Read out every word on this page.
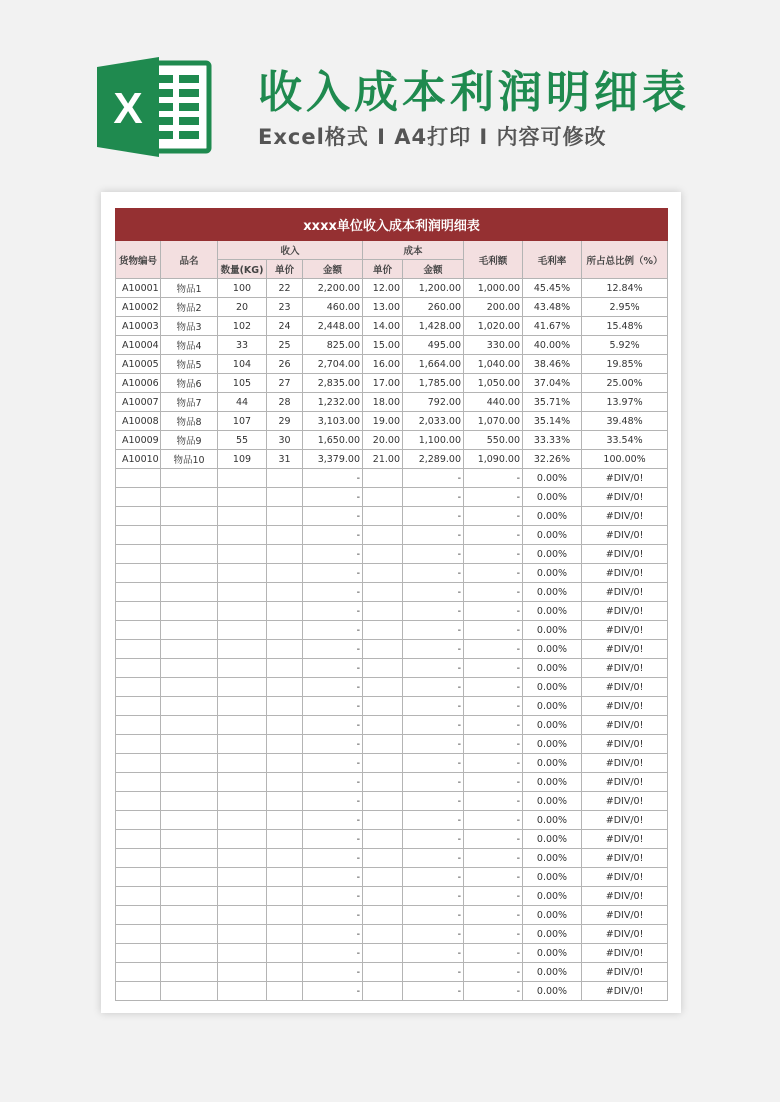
X	收入成本利润明细表
Excel格式 I A4打印 I 内容可修改
xxxx单位收入成本利润明细表									
货物编号	品名	收入			成本		毛利额	毛利率	所占总比例（%）
		数量(KG)	单价	金额	单价	金额			
A10001	物品1	100	22	2,200.00	12.00	1,200.00	1,000.00	45.45%	12.84%
A10002	物品2	20	23	460.00	13.00	260.00	200.00	43.48%	2.95%
A10003	物品3	102	24	2,448.00	14.00	1,428.00	1,020.00	41.67%	15.48%
A10004	物品4	33	25	825.00	15.00	495.00	330.00	40.00%	5.92%
A10005	物品5	104	26	2,704.00	16.00	1,664.00	1,040.00	38.46%	19.85%
A10006	物品6	105	27	2,835.00	17.00	1,785.00	1,050.00	37.04%	25.00%
A10007	物品7	44	28	1,232.00	18.00	792.00	440.00	35.71%	13.97%
A10008	物品8	107	29	3,103.00	19.00	2,033.00	1,070.00	35.14%	39.48%
A10009	物品9	55	30	1,650.00	20.00	1,100.00	550.00	33.33%	33.54%
A10010	物品10	109	31	3,379.00	21.00	2,289.00	1,090.00	32.26%	100.00%
				-		-	-	0.00%	#DIV/0!
				-		-	-	0.00%	#DIV/0!
				-		-	-	0.00%	#DIV/0!
				-		-	-	0.00%	#DIV/0!
				-		-	-	0.00%	#DIV/0!
				-		-	-	0.00%	#DIV/0!
				-		-	-	0.00%	#DIV/0!
				-		-	-	0.00%	#DIV/0!
				-		-	-	0.00%	#DIV/0!
				-		-	-	0.00%	#DIV/0!
				-		-	-	0.00%	#DIV/0!
				-		-	-	0.00%	#DIV/0!
				-		-	-	0.00%	#DIV/0!
				-		-	-	0.00%	#DIV/0!
				-		-	-	0.00%	#DIV/0!
				-		-	-	0.00%	#DIV/0!
				-		-	-	0.00%	#DIV/0!
				-		-	-	0.00%	#DIV/0!
				-		-	-	0.00%	#DIV/0!
				-		-	-	0.00%	#DIV/0!
				-		-	-	0.00%	#DIV/0!
				-		-	-	0.00%	#DIV/0!
				-		-	-	0.00%	#DIV/0!
				-		-	-	0.00%	#DIV/0!
				-		-	-	0.00%	#DIV/0!
				-		-	-	0.00%	#DIV/0!
				-		-	-	0.00%	#DIV/0!
				-		-	-	0.00%	#DIV/0!
